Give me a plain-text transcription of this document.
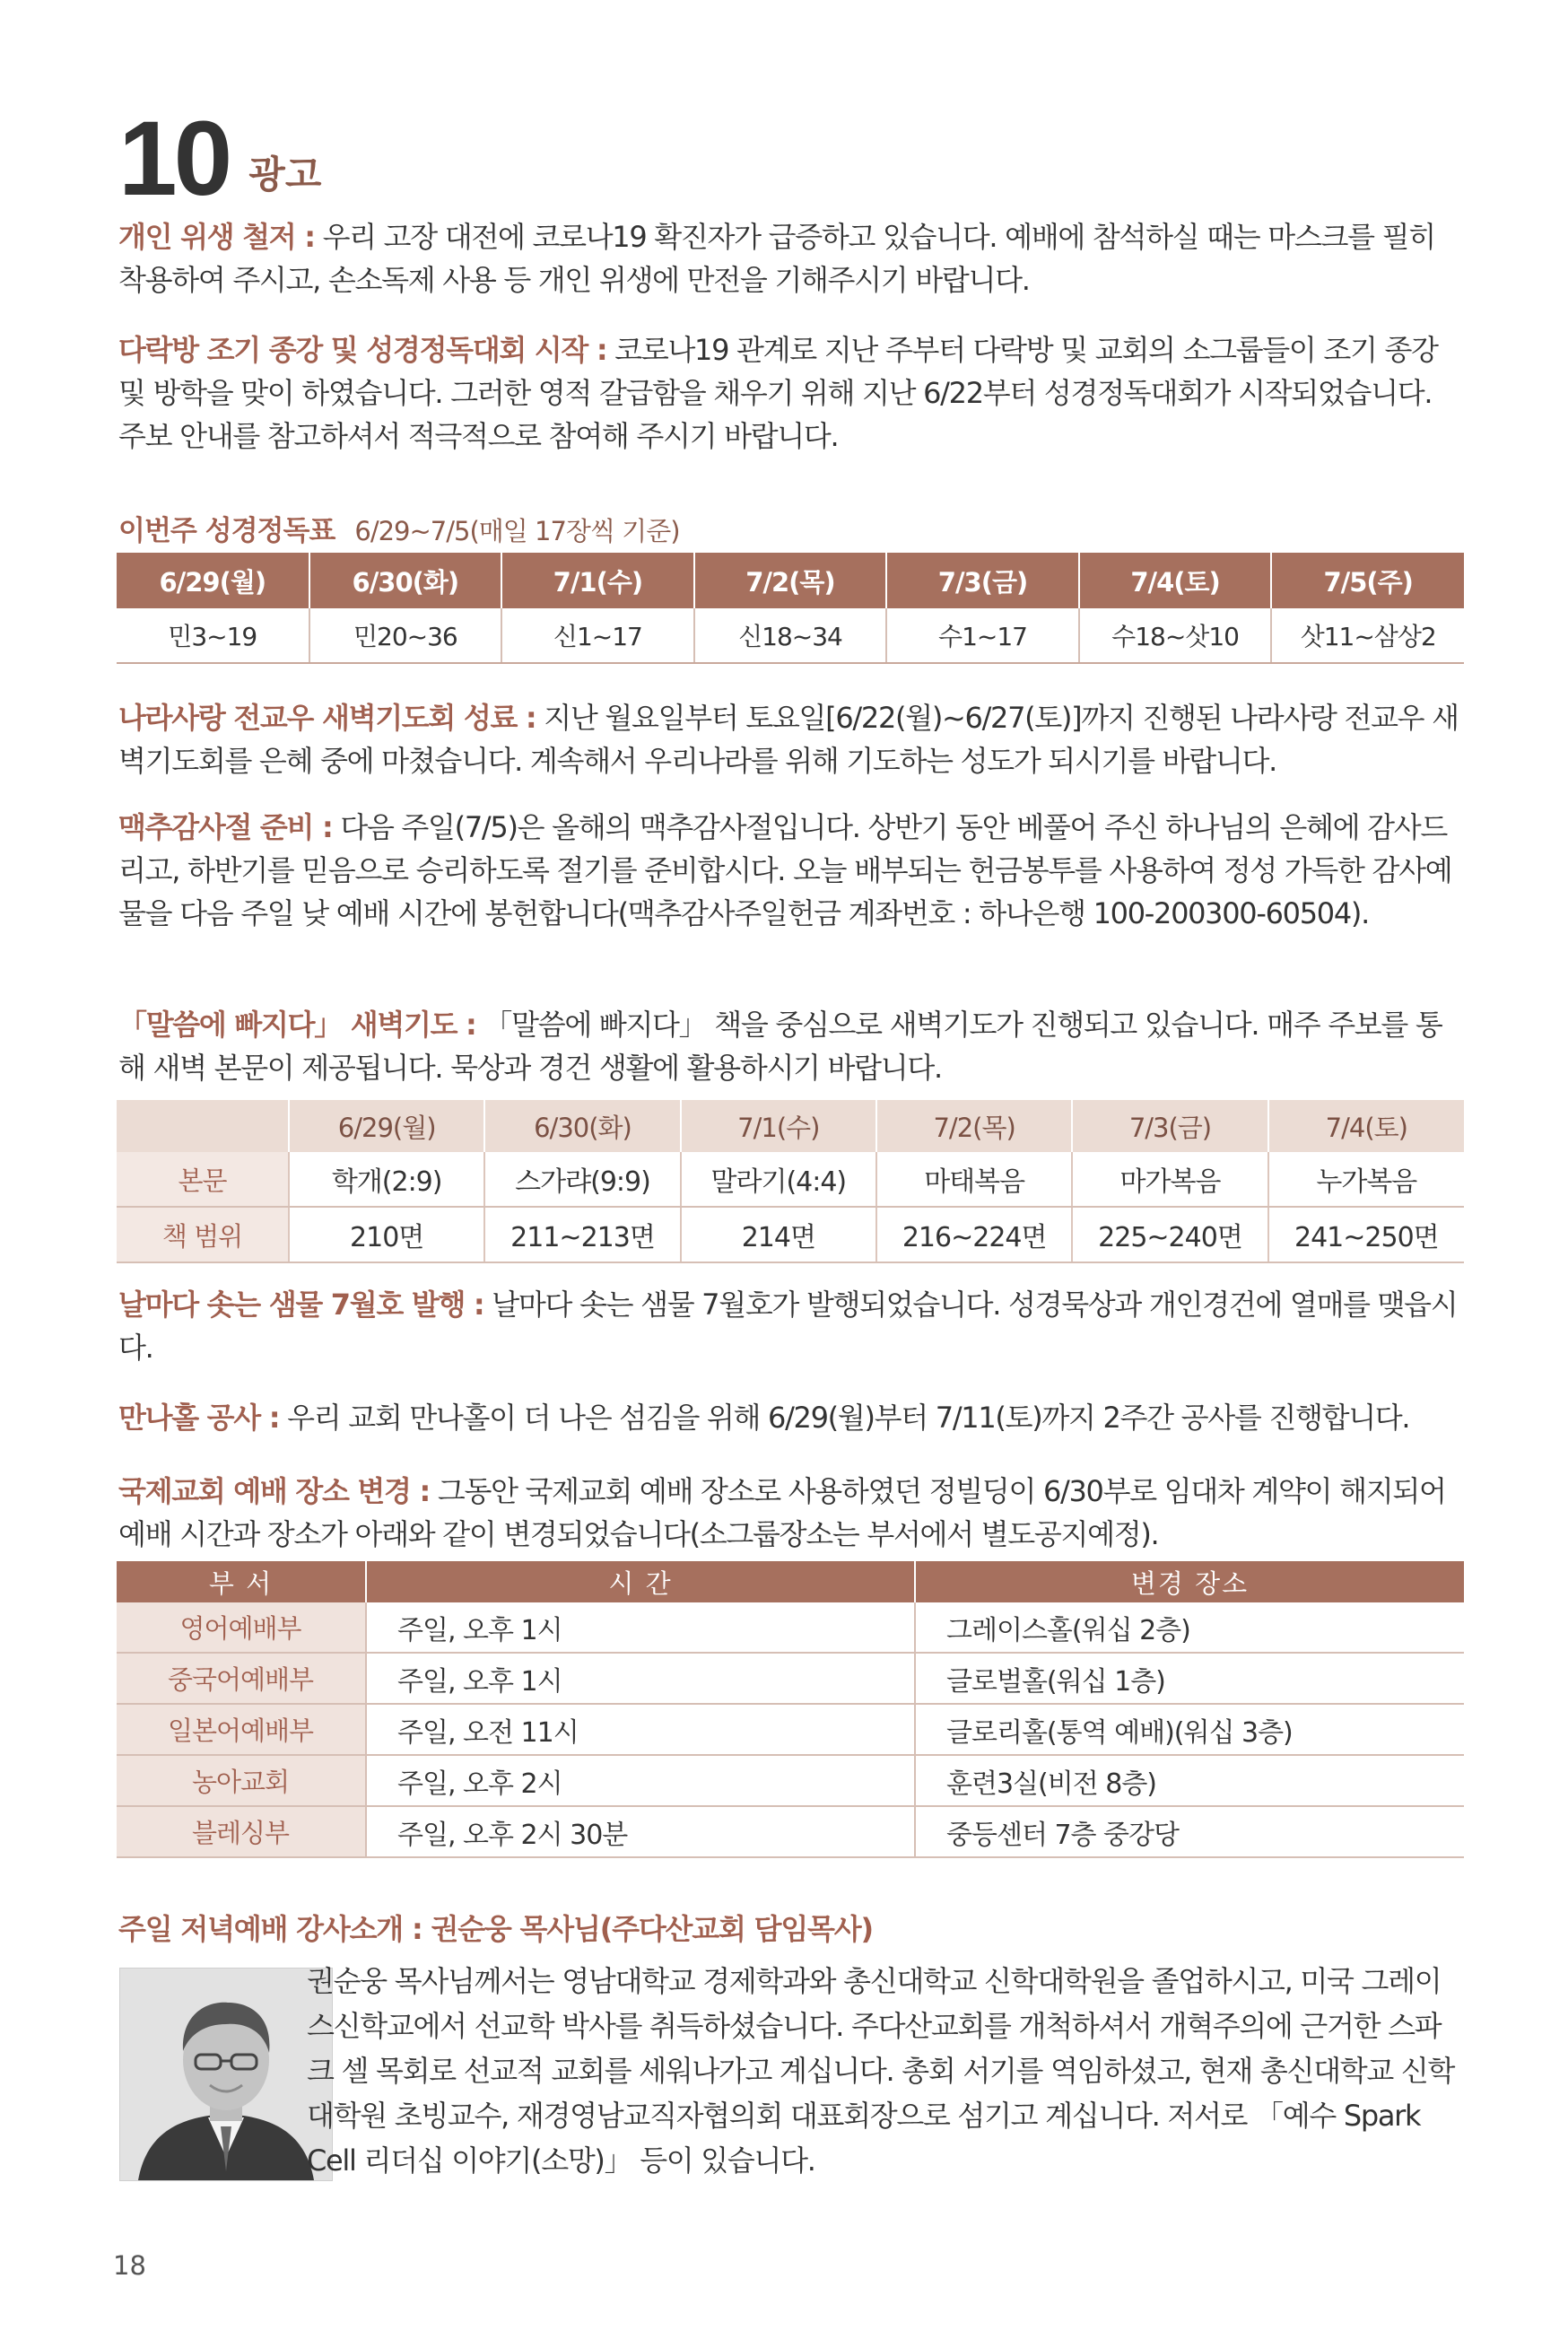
10 광고

개인 위생 철저 : 우리 고장 대전에 코로나19 확진자가 급증하고 있습니다. 예배에 참석하실 때는 마스크를 필히 착용하여 주시고, 손소독제 사용 등 개인 위생에 만전을 기해주시기 바랍니다.

다락방 조기 종강 및 성경정독대회 시작 : 코로나19 관계로 지난 주부터 다락방 및 교회의 소그룹들이 조기 종강 및 방학을 맞이 하였습니다. 그러한 영적 갈급함을 채우기 위해 지난 6/22부터 성경정독대회가 시작되었습니다. 주보 안내를 참고하셔서 적극적으로 참여해 주시기 바랍니다.

이번주 성경정독표 6/29~7/5(매일 17장씩 기준)
6/29(월)	6/30(화)	7/1(수)	7/2(목)	7/3(금)	7/4(토)	7/5(주)
민3~19	민20~36	신1~17	신18~34	수1~17	수18~삿10	삿11~삼상2

나라사랑 전교우 새벽기도회 성료 : 지난 월요일부터 토요일[6/22(월)~6/27(토)]까지 진행된 나라사랑 전교우 새벽기도회를 은혜 중에 마쳤습니다. 계속해서 우리나라를 위해 기도하는 성도가 되시기를 바랍니다.

맥추감사절 준비 : 다음 주일(7/5)은 올해의 맥추감사절입니다. 상반기 동안 베풀어 주신 하나님의 은혜에 감사드리고, 하반기를 믿음으로 승리하도록 절기를 준비합시다. 오늘 배부되는 헌금봉투를 사용하여 정성 가득한 감사예물을 다음 주일 낮 예배 시간에 봉헌합니다(맥추감사주일헌금 계좌번호 : 하나은행 100-200300-60504).

「말씀에 빠지다」 새벽기도 : 「말씀에 빠지다」 책을 중심으로 새벽기도가 진행되고 있습니다. 매주 주보를 통해 새벽 본문이 제공됩니다. 묵상과 경건 생활에 활용하시기 바랍니다.

	6/29(월)	6/30(화)	7/1(수)	7/2(목)	7/3(금)	7/4(토)
본문	학개(2:9)	스가랴(9:9)	말라기(4:4)	마태복음	마가복음	누가복음
책 범위	210면	211~213면	214면	216~224면	225~240면	241~250면

날마다 솟는 샘물 7월호 발행 : 날마다 솟는 샘물 7월호가 발행되었습니다. 성경묵상과 개인경건에 열매를 맺읍시다.

만나홀 공사 : 우리 교회 만나홀이 더 나은 섬김을 위해 6/29(월)부터 7/11(토)까지 2주간 공사를 진행합니다.

국제교회 예배 장소 변경 : 그동안 국제교회 예배 장소로 사용하였던 정빌딩이 6/30부로 임대차 계약이 해지되어 예배 시간과 장소가 아래와 같이 변경되었습니다(소그룹장소는 부서에서 별도공지예정).

부 서	시 간	변경 장소
영어예배부	주일, 오후 1시	그레이스홀(워십 2층)
중국어예배부	주일, 오후 1시	글로벌홀(워십 1층)
일본어예배부	주일, 오전 11시	글로리홀(통역 예배)(워십 3층)
농아교회	주일, 오후 2시	훈련3실(비전 8층)
블레싱부	주일, 오후 2시 30분	중등센터 7층 중강당
주일 저녁예배 강사소개 : 권순웅 목사님(주다산교회 담임목사)

권순웅 목사님께서는 영남대학교 경제학과와 총신대학교 신학대학원을 졸업하시고, 미국 그레이스신학교에서 선교학 박사를 취득하셨습니다. 주다산교회를 개척하셔서 개혁주의에 근거한 스파크 셀 목회로 선교적 교회를 세워나가고 계십니다. 총회 서기를 역임하셨고, 현재 총신대학교 신학대학원 초빙교수, 재경영남교직자협의회 대표회장으로 섬기고 계십니다. 저서로 「예수 Spark Cell 리더십 이야기(소망)」 등이 있습니다.

18
